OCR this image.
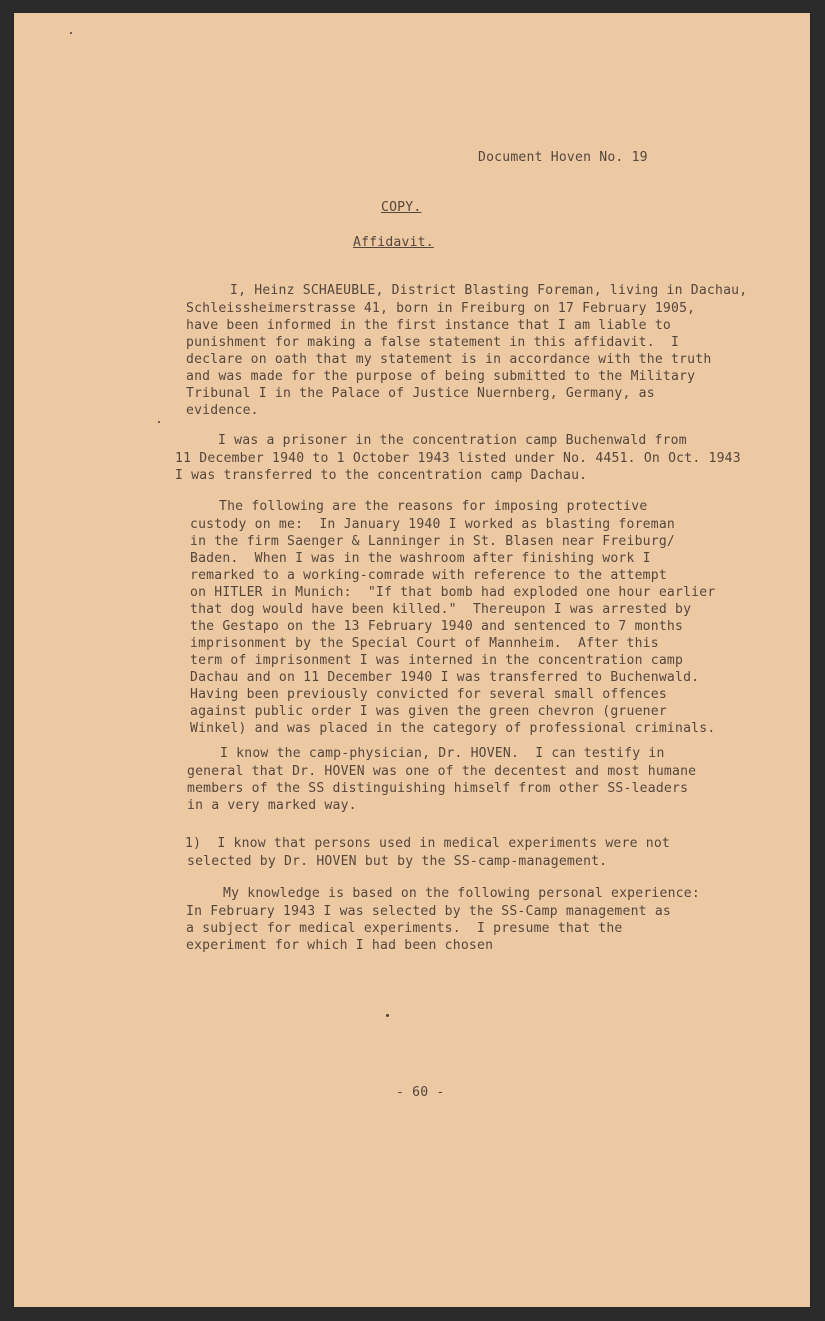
Document Hoven No. 19
COPY.
Affidavit.

I, Heinz SCHAEUBLE, District Blasting Foreman, living in Dachau,

Schleissheimerstrasse 41, born in Freiburg on 17 February 1905,

have been informed in the first instance that I am liable to

punishment for making a false statement in this affidavit.  I

declare on oath that my statement is in accordance with the truth

and was made for the purpose of being submitted to the Military

Tribunal I in the Palace of Justice Nuernberg, Germany, as

evidence.

I was a prisoner in the concentration camp Buchenwald from

11 December 1940 to 1 October 1943 listed under No. 4451. On Oct. 1943

I was transferred to the concentration camp Dachau.

The following are the reasons for imposing protective

custody on me:  In January 1940 I worked as blasting foreman

in the firm Saenger & Lanninger in St. Blasen near Freiburg/

Baden.  When I was in the washroom after finishing work I

remarked to a working-comrade with reference to the attempt

on HITLER in Munich:  "If that bomb had exploded one hour earlier

that dog would have been killed."  Thereupon I was arrested by

the Gestapo on the 13 February 1940 and sentenced to 7 months

imprisonment by the Special Court of Mannheim.  After this

term of imprisonment I was interned in the concentration camp

Dachau and on 11 December 1940 I was transferred to Buchenwald.

Having been previously convicted for several small offences

against public order I was given the green chevron (gruener

Winkel) and was placed in the category of professional criminals.

I know the camp-physician, Dr. HOVEN.  I can testify in

general that Dr. HOVEN was one of the decentest and most humane

members of the SS distinguishing himself from other SS-leaders

in a very marked way.

1)  I know that persons used in medical experiments were not

selected by Dr. HOVEN but by the SS-camp-management.

My knowledge is based on the following personal experience:

In February 1943 I was selected by the SS-Camp management as

a subject for medical experiments.  I presume that the

experiment for which I had been chosen

- 60 -
